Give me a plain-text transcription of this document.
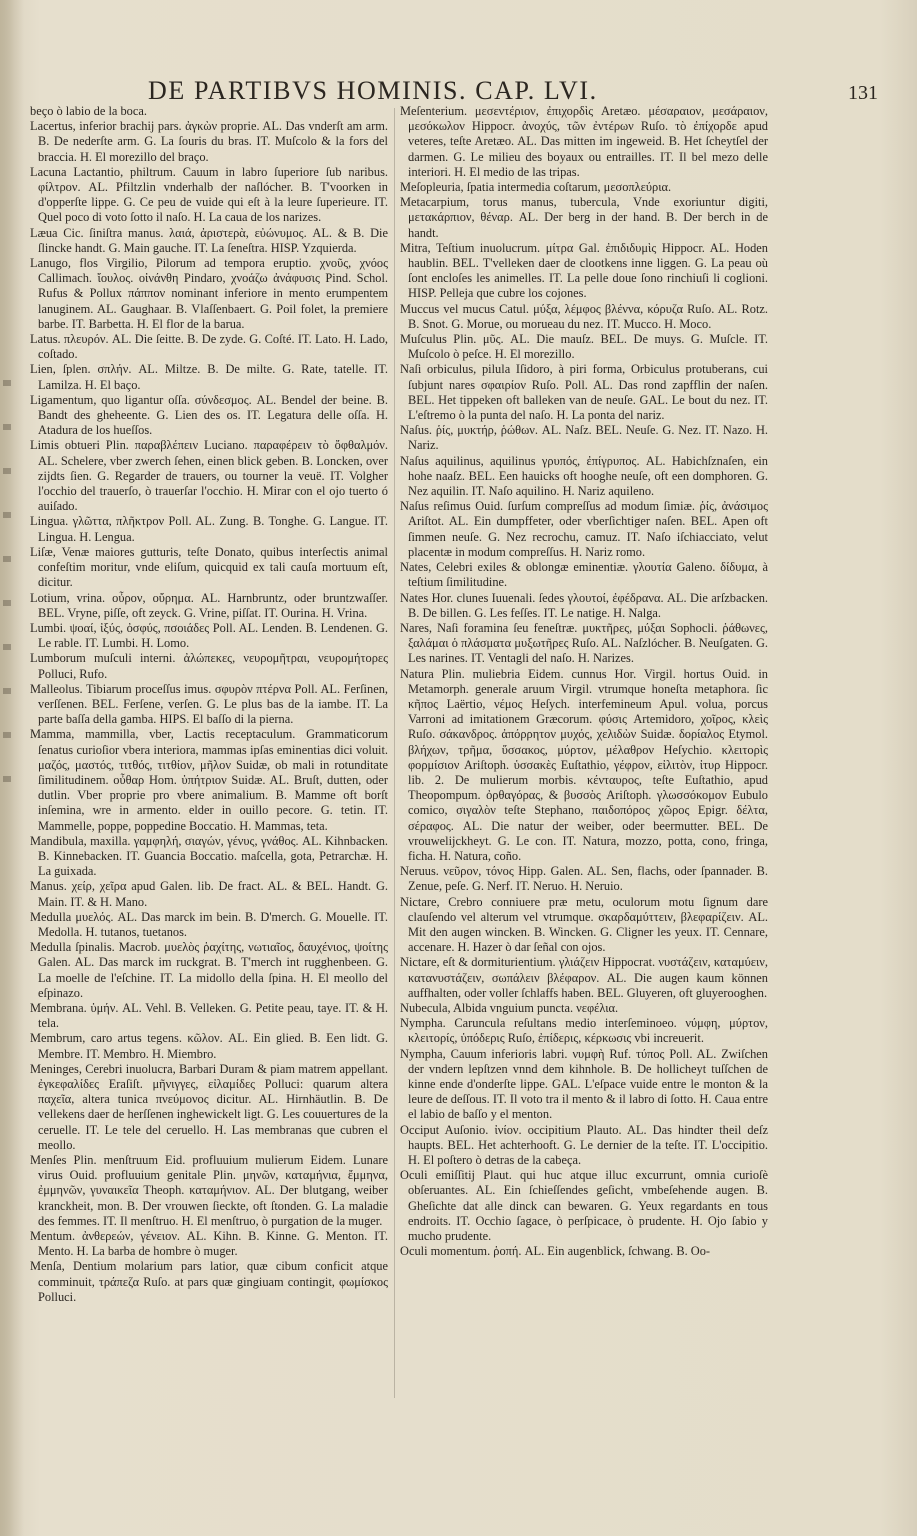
DE PARTIBVS HOMINIS. CAP. LVI.	131

beço ò labio de la boca.

Lacertus, inferior brachij pars. ἀγκὼν proprie. AL. Das vnderſt am arm. B. De nederſte arm. G. La ſouris du bras. IT. Muſcolo & la fors del braccia. H. El morezillo del braço.

Lacuna Lactantio, philtrum. Cauum in labro ſuperiore ſub naribus. φίλτρον. AL. Pfiltzlin vnderhalb der naſlócher. B. T'voorken in d'opperſte lippe. G. Ce peu de vuide qui eſt à la leure ſuperieure. IT. Quel poco di voto ſotto il naſo. H. La caua de los narizes.

Læua Cic. ſiniſtra manus. λαιά, ἀριστερὰ, εὐώνυμος. AL. & B. Die ſlincke handt. G. Main gauche. IT. La ſeneſtra. HISP. Yzquierda.

Lanugo, flos Virgilio, Pilorum ad tempora eruptio. χνοῦς, χνόος Callimach. ἴουλος. οἰνάνθη Pindaro, χνοάζω ἀνάφυσις Pind. Schol. Rufus & Pollux πάππον nominant inferiore in mento erumpentem lanuginem. AL. Gaughaar. B. Vlaſſenbaert. G. Poil folet, la premiere barbe. IT. Barbetta. H. El flor de la barua.

Latus. πλευρόν. AL. Die ſeitte. B. De zyde. G. Coſté. IT. Lato. H. Lado, coſtado.

Lien, ſplen. σπλήν. AL. Miltze. B. De milte. G. Rate, tatelle. IT. Lamilza. H. El baço.

Ligamentum, quo ligantur oſſa. σύνδεσμος. AL. Bendel der beine. B. Bandt des gheheente. G. Lien des os. IT. Legatura delle oſſa. H. Atadura de los hueſſos.

Limis obtueri Plin. παραβλέπειν Luciano. παραφέρειν τὸ ὄφθαλμόν. AL. Schelere, vber zwerch ſehen, einen blick geben. B. Loncken, over zijdts ſien. G. Regarder de trauers, ou tourner la veuë. IT. Volgher l'occhio del trauerſo, ò trauerſar l'occhio. H. Mirar con el ojo tuerto ó auiſado.

Lingua. γλῶττα, πλῆκτρον Poll. AL. Zung. B. Tonghe. G. Langue. IT. Lingua. H. Lengua.

Liſæ, Venæ maiores gutturis, teſte Donato, quibus interſectis animal confeſtim moritur, vnde eliſum, quicquid ex tali cauſa mortuum eſt, dicitur.

Lotium, vrina. οὖρον, οὔρημα. AL. Harnbruntz, oder bruntzwaſſer. BEL. Vryne, piſſe, oft zeyck. G. Vrine, piſſat. IT. Ourina. H. Vrina.

Lumbi. ψοαί, ἰξύς, ὀσφύς, πσοιάδες Poll. AL. Lenden. B. Lendenen. G. Le rable. IT. Lumbi. H. Lomo.

Lumborum muſculi interni. ἀλώπεκες, νευρομῆτραι, νευρομήτορες Polluci, Rufo.

Malleolus. Tibiarum proceſſus imus. σφυρὸν πτέρνα Poll. AL. Ferſinen, verſſenen. BEL. Ferſene, verſen. G. Le plus bas de la iambe. IT. La parte baſſa della gamba. HIPS. El baſſo di la pierna.

Mamma, mammilla, vber, Lactis receptaculum. Grammaticorum ſenatus curioſior vbera interiora, mammas ipſas eminentias dici voluit. μαζός, μαστός, τιτθός, τιτθίον, μῆλον Suidæ, ob mali in rotunditate ſimilitudinem. οὖθαρ Hom. ὑπήτριον Suidæ. AL. Bruſt, dutten, oder dutlin. Vber proprie pro vbere animalium. B. Mamme oft borſt inſemina, wre in armento. elder in ouillo pecore. G. tetin. IT. Mammelle, poppe, poppedine Boccatio. H. Mammas, teta.

Mandibula, maxilla. γαμφηλή, σιαγών, γένυς, γνάθος. AL. Kihnbacken. B. Kinnebacken. IT. Guancia Boccatio. maſcella, gota, Petrarchæ. H. La guixada.

Manus. χείρ, χεῖρα apud Galen. lib. De fract. AL. & BEL. Handt. G. Main. IT. & H. Mano.

Medulla μυελός. AL. Das marck im bein. B. D'merch. G. Mouelle. IT. Medolla. H. tutanos, tuetanos.

Medulla ſpinalis. Macrob. μυελὸς ῥαχίτης, νωτιαῖος, δαυχένιος, ψοίτης Galen. AL. Das marck im ruckgrat. B. T'merch int rugghenbeen. G. La moelle de l'eſchine. IT. La midollo della ſpina. H. El meollo del eſpinazo.

Membrana. ὑμήν. AL. Vehl. B. Velleken. G. Petite peau, taye. IT. & H. tela.

Membrum, caro artus tegens. κῶλον. AL. Ein glied. B. Een lidt. G. Membre. IT. Membro. H. Miembro.

Meninges, Cerebri inuolucra, Barbari Duram & piam matrem appellant. ἐγκεφαλίδες Eraſiſt. μῆνιγγες, εἰλαμίδες Polluci: quarum altera παχεῖα, altera tunica πνεύμονος dicitur. AL. Hirnhäutlin. B. De vellekens daer de herſſenen inghewickelt ligt. G. Les couuertures de la ceruelle. IT. Le tele del ceruello. H. Las membranas que cubren el meollo.

Menſes Plin. menſtruum Eid. profluuium mulierum Eidem. Lunare virus Ouid. profluuium genitale Plin. μηνῶν, καταμήνια, ἔμμηνα, ἐμμηνῶν, γυναικεῖα Theoph. καταμήνιον. AL. Der blutgang, weiber kranckheit, mon. B. Der vrouwen ſieckte, oft ſtonden. G. La maladie des femmes. IT. Il menſtruo. H. El menſtruo, ò purgation de la muger.

Mentum. ἀνθερεών, γένειον. AL. Kihn. B. Kinne. G. Menton. IT. Mento. H. La barba de hombre ò muger.

Menſa, Dentium molarium pars latior, quæ cibum conficit atque comminuit, τράπεζα Ruſo. at pars quæ gingiuam contingit, φωμίσκος Polluci.

Meſenterium. μεσεντέριον, ἐπιχορδὶς Aretæo. μέσαραιον, μεσάραιον, μεσόκωλον Hippocr. ἀνοχύς, τῶν ἐντέρων Ruſo. τὸ ἐπίχορδε apud veteres, teſte Aretæo. AL. Das mitten im ingeweid. B. Het ſcheytſel der darmen. G. Le milieu des boyaux ou entrailles. IT. Il bel mezo delle interiori. H. El medio de las tripas.

Meſopleuria, ſpatia intermedia coſtarum, μεσοπλεύρια.

Metacarpium, torus manus, tubercula, Vnde exoriuntur digiti, μετακάρπιον, θέναρ. AL. Der berg in der hand. B. Der berch in de handt.

Mitra, Teſtium inuolucrum. μίτρα Gal. ἐπιδιδυμὶς Hippocr. AL. Hoden haublin. BEL. T'velleken daer de clootkens inne liggen. G. La peau où ſont encloſes les animelles. IT. La pelle doue ſono rinchiuſi li coglioni. HISP. Pelleja que cubre los cojones.

Muccus vel mucus Catul. μύξα, λέμφος βλέννα, κόρυζα Ruſo. AL. Rotz. B. Snot. G. Morue, ou morueau du nez. IT. Mucco. H. Moco.

Muſculus Plin. μῦς. AL. Die mauſz. BEL. De muys. G. Muſcle. IT. Muſcolo ò peſce. H. El morezillo.

Naſi orbiculus, pilula Iſidoro, à piri forma, Orbiculus protuberans, cui ſubjunt nares σφαιρίον Ruſo. Poll. AL. Das rond zapfflin der naſen. BEL. Het tippeken oft balleken van de neuſe. GAL. Le bout du nez. IT. L'eſtremo ò la punta del naſo. H. La ponta del nariz.

Naſus. ῥίς, μυκτήρ, ῥώθων. AL. Naſz. BEL. Neuſe. G. Nez. IT. Nazo. H. Nariz.

Naſus aquilinus, aquilinus γρυπός, ἐπίγρυπος. AL. Habichſznaſen, ein hohe naaſz. BEL. Een hauicks oft hooghe neuſe, oft een domphoren. G. Nez aquilin. IT. Naſo aquilino. H. Nariz aquileno.

Naſus reſimus Ouid. ſurſum compreſſus ad modum ſimiæ. ῥίς, ἀνάσιμος Ariſtot. AL. Ein dumpffeter, oder vberſichtiger naſen. BEL. Apen oft ſimmen neuſe. G. Nez recrochu, camuz. IT. Naſo iſchiacciato, velut placentæ in modum compreſſus. H. Nariz romo.

Nates, Celebri exiles & oblongæ eminentiæ. γλουτία Galeno. δίδυμα, à teſtium ſimilitudine.

Nates Hor. clunes Iuuenali. ſedes γλουτοί, ἐφέδρανα. AL. Die arſzbacken. B. De billen. G. Les feſſes. IT. Le natige. H. Nalga.

Nares, Naſi foramina ſeu feneſtræ. μυκτῆρες, μύξαι Sophocli. ῥάθωνες, ξαλάμαι ὁ πλάσματα μυξωτῆρες Ruſo. AL. Naſzlócher. B. Neuſgaten. G. Les narines. IT. Ventagli del naſo. H. Narizes.

Natura Plin. muliebria Eidem. cunnus Hor. Virgil. hortus Ouid. in Metamorph. generale aruum Virgil. vtrumque honeſta metaphora. ſic κῆπος Laërtio, νέμος Heſych. interfemineum Apul. volua, porcus Varroni ad imitationem Græcorum. φύσις Artemidoro, χοῖρος, κλεὶς Ruſo. σάκανδρος. ἀπόρρητον μυχός, χελιδὼν Suidæ. δορίαλος Etymol. βλήχων, τρῆμα, ὕσσακος, μύρτον, μέλαθρον Heſychio. κλειτορὶς φορμίσιον Ariſtoph. ὑσσακὲς Euſtathio, γέφρον, εἰλιτὸν, ἰτυρ Hippocr. lib. 2. De mulierum morbis. κένταυρος, teſte Euſtathio, apud Theopompum. ὀρθαγόρας, & βυσσὸς Ariſtoph. γλωσσόκομον Eubulo comico, σιγαλὸν teſte Stephano, παιδοπόρος χῶρος Epigr. δέλτα, σέραφος. AL. Die natur der weiber, oder beermutter. BEL. De vrouwelijckheyt. G. Le con. IT. Natura, mozzo, potta, cono, fringa, ficha. H. Natura, coño.

Neruus. νεῦρον, τόνος Hipp. Galen. AL. Sen, flachs, oder ſpannader. B. Zenue, peſe. G. Nerf. IT. Neruo. H. Neruio.

Nictare, Crebro conniuere præ metu, oculorum motu ſignum dare clauſendo vel alterum vel vtrumque. σκαρδαμύττειν, βλεφαρίζειν. AL. Mit den augen wincken. B. Wincken. G. Cligner les yeux. IT. Cennare, accenare. H. Hazer ò dar ſeñal con ojos.

Nictare, eſt & dormiturientium. γλιάζειν Hippocrat. νυστάζειν, καταμύειν, κατανυστάζειν, σωπάλειν βλέφαρον. AL. Die augen kaum können auffhalten, oder voller ſchlaffs haben. BEL. Gluyeren, oft gluyerooghen.

Nubecula, Albida vnguium puncta. νεφέλια.

Nympha. Caruncula reſultans medio interſeminoeo. νύμφη, μύρτον, κλειτορίς, ὑπόδερις Ruſo, ἐπίδερις, κέρκωσις vbi increuerit.

Nympha, Cauum inferioris labri. νυμφὴ Ruf. τύπος Poll. AL. Zwiſchen der vndern lepſtzen vnnd dem kihnhole. B. De hollicheyt tuſſchen de kinne ende d'onderſte lippe. GAL. L'eſpace vuide entre le monton & la leure de deſſous. IT. Il voto tra il mento & il labro di ſotto. H. Caua entre el labio de baſſo y el menton.

Occiput Auſonio. ἰνίον. occipitium Plauto. AL. Das hindter theil deſz haupts. BEL. Het achterhooft. G. Le dernier de la teſte. IT. L'occipitio. H. El poſtero ò detras de la cabeça.

Oculi emiſſitij Plaut. qui huc atque illuc excurrunt, omnia curioſè obſeruantes. AL. Ein ſchieſſendes geſicht, vmbeſehende augen. B. Gheſichte dat alle dinck can bewaren. G. Yeux regardants en tous endroits. IT. Occhio ſagace, ò perſpicace, ò prudente. H. Ojo ſabio y mucho prudente.

Oculi momentum. ῥοπή. AL. Ein augenblick, ſchwang. B. Oo-
